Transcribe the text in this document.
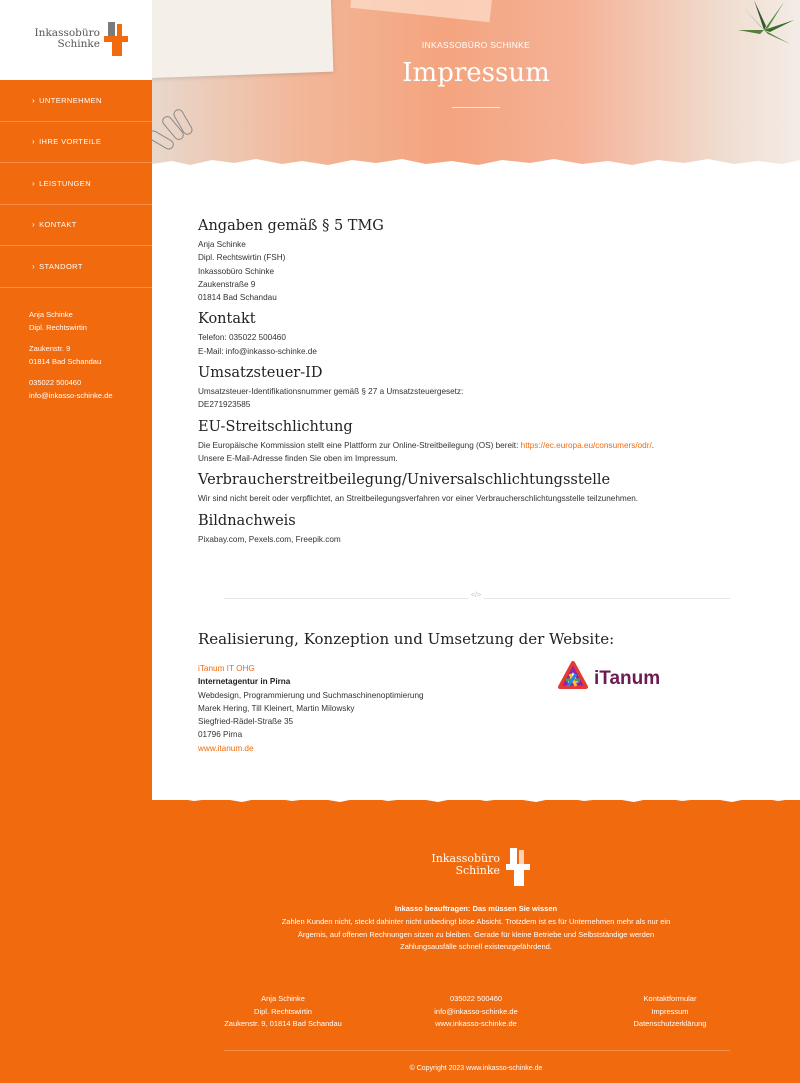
Inkassobüro
Schinke
› UNTERNEHMEN
› IHRE VORTEILE
› LEISTUNGEN
› KONTAKT
› STANDORT
Anja Schinke
Dipl. Rechtswirtin
Zaukenstr. 9
01814 Bad Schandau
035022 500460
info@inkasso-schinke.de
INKASSOBÜRO SCHINKE
Impressum
Angaben gemäß § 5 TMG

Anja Schinke

Dipl. Rechtswirtin (FSH)

Inkassobüro Schinke

Zaukenstraße 9

01814 Bad Schandau

Kontakt

Telefon: 035022 500460

E-Mail: info@inkasso-schinke.de

Umsatzsteuer-ID

Umsatzsteuer-Identifikationsnummer gemäß § 27 a Umsatzsteuergesetz:

DE271923585

EU-Streitschlichtung

Die Europäische Kommission stellt eine Plattform zur Online-Streitbeilegung (OS) bereit: https://ec.europa.eu/consumers/odr/.

Unsere E-Mail-Adresse finden Sie oben im Impressum.

Verbraucherstreitbeilegung/Universalschlichtungsstelle

Wir sind nicht bereit oder verpflichtet, an Streitbeilegungsverfahren vor einer Verbraucherschlichtungsstelle teilzunehmen.

Bildnachweis

Pixabay.com, Pexels.com, Freepik.com

</>
Realisierung, Konzeption und Umsetzung der Website:
iTanum IT OHG
Internetagentur in Pirna
Webdesign, Programmierung und Suchmaschinenoptimierung
Marek Hering, Till Kleinert, Martin Milowsky
Siegfried-Rädel-Straße 35
01796 Pirna
www.itanum.de
iTanum
Inkassobüro
Schinke
Inkasso beauftragen: Das müssen Sie wissen

Zahlen Kunden nicht, steckt dahinter nicht unbedingt böse Absicht. Trotzdem ist es für Unternehmen mehr als nur ein Ärgernis, auf offenen Rechnungen sitzen zu bleiben. Gerade für kleine Betriebe und Selbstständige werden Zahlungsausfälle schnell existenzgefährdend.

Anja Schinke
Dipl. Rechtswirtin
Zaukenstr. 9, 01814 Bad Schandau
035022 500460
info@inkasso-schinke.de
www.inkasso-schinke.de
Kontaktformular
Impressum
Datenschutzerklärung
© Copyright 2023 www.inkasso-schinke.de
